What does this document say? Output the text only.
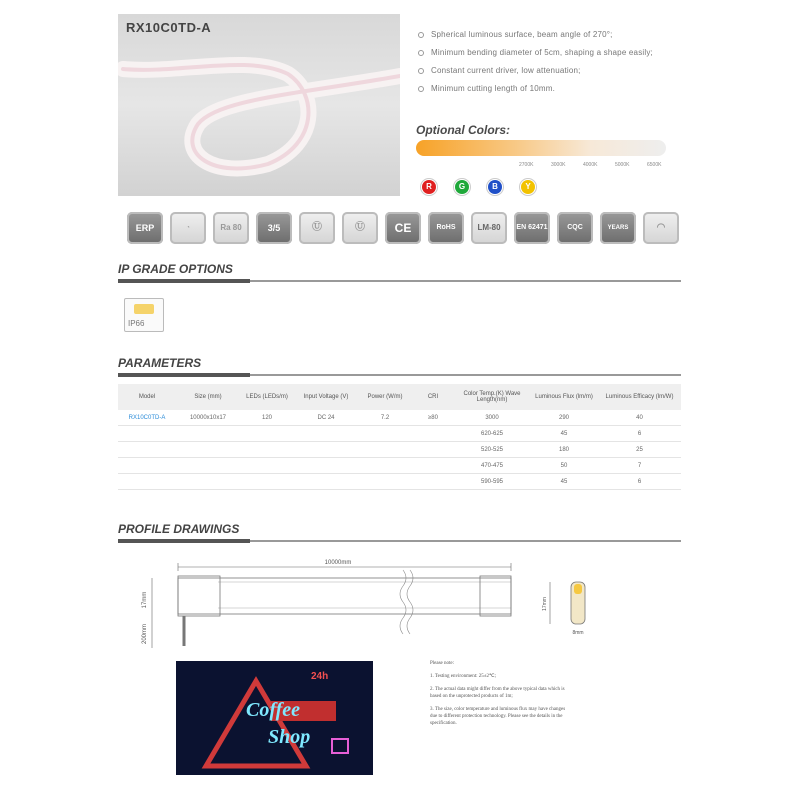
RX10C0TD-A	Spherical luminous surface, beam angle of 270°;
Minimum bending diameter of 5cm, shaping a shape easily;
Constant current driver, low attenuation;
Minimum cutting length of 10mm.
Optional Colors:
2700K	3000K	4000K	5000K	6500K
R	G	B	Y
ERP	◔	Ra 80	3/5	Ⓤ	Ⓤ	CE	RoHS	LM-80	EN 62471	CQC	YEARS	◠
IP GRADE OPTIONS
IP66
PARAMETERS
Model	Size (mm)	LEDs (LEDs/m)	Input Voltage (V)	Power (W/m)	CRI	Color Temp.(K) Wave Length(nm)	Luminous Flux (lm/m)	Luminous Efficacy (lm/W)
RX10C0TD-A	10000x10x17	120	DC 24	7.2	≥80	3000	290	40
						620-625	45	6
						520-525	180	25
						470-475	50	7
						590-595	45	6
PROFILE DRAWINGS
10000mm
17mm
200mm
17mm
8mm
24h
Coffee
Shop

Please note:

1. Testing environment: 25±2℃;

2. The actual data might differ from the above typical data which is based on the unprotected products of 1m;

3. The size, color temperature and luminous flux may have changes due to different protection technology. Please see the details in the specification.
